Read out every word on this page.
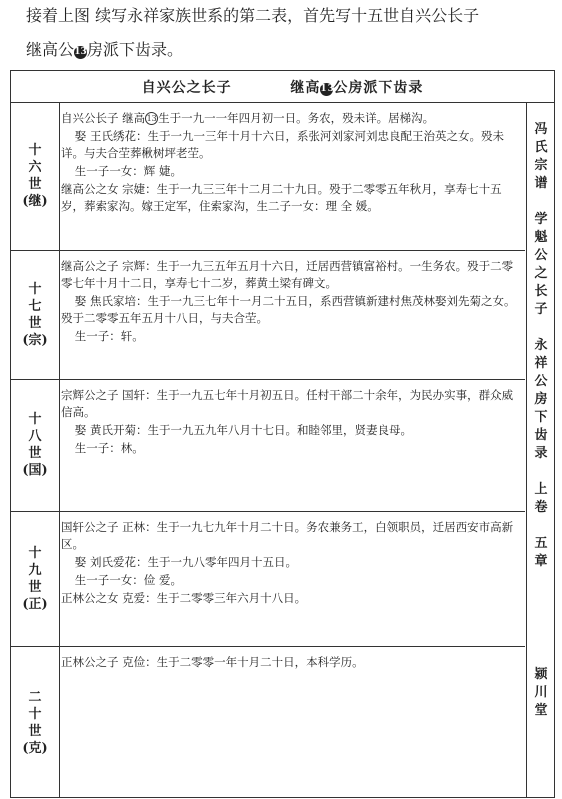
接着上图 续写永祥家族世系的第二表，首先写十五世自兴公长子
继高公13房派下齿录。
自兴公之长子	继高13公房派下齿录
冯
氏
宗
谱

学
魁
公
之
长
子

永
祥
公
房
下
齿
录

上
卷

五
章
颍
川
堂
十
六
世
(继)

自兴公长子 继高13生于一九一一年四月初一日。务农，殁未详。居梯沟。

娶 王氏绣花：生于一九一三年十月十六日，系张河刘家河刘忠良配王治英之女。殁未详。与夫合茔葬楸树坪老茔。

生一子一女：辉 婕。

继高公之女 宗婕：生于一九三三年十二月二十九日。殁于二零零五年秋月，享寿七十五岁，葬索家沟。嫁王定军，住索家沟，生二子一女：理 全 媛。

十
七
世
(宗)

继高公之子 宗辉：生于一九三五年五月十六日，迁居西营镇富裕村。一生务农。殁于二零零七年十月十二日，享寿七十二岁，葬黄土梁有碑文。

娶 焦氏家培：生于一九三七年十一月二十五日，系西营镇新建村焦茂林娶刘先菊之女。殁于二零零五年五月十八日，与夫合茔。

生一子：轩。

十
八
世
(国)

宗辉公之子 国轩：生于一九五七年十月初五日。任村干部二十余年，为民办实事，群众威信高。

娶 黄氏开菊：生于一九五九年八月十七日。和睦邻里，贤妻良母。

生一子：林。

十
九
世
(正)

国轩公之子 正林：生于一九七九年十月二十日。务农兼务工，白领职员，迁居西安市高新区。

娶 刘氏爱花：生于一九八零年四月十五日。

生一子一女：俭 爱。

正林公之女 克爱：生于二零零三年六月十八日。

二
十
世
(克)

正林公之子 克俭：生于二零零一年十月二十日，本科学历。
